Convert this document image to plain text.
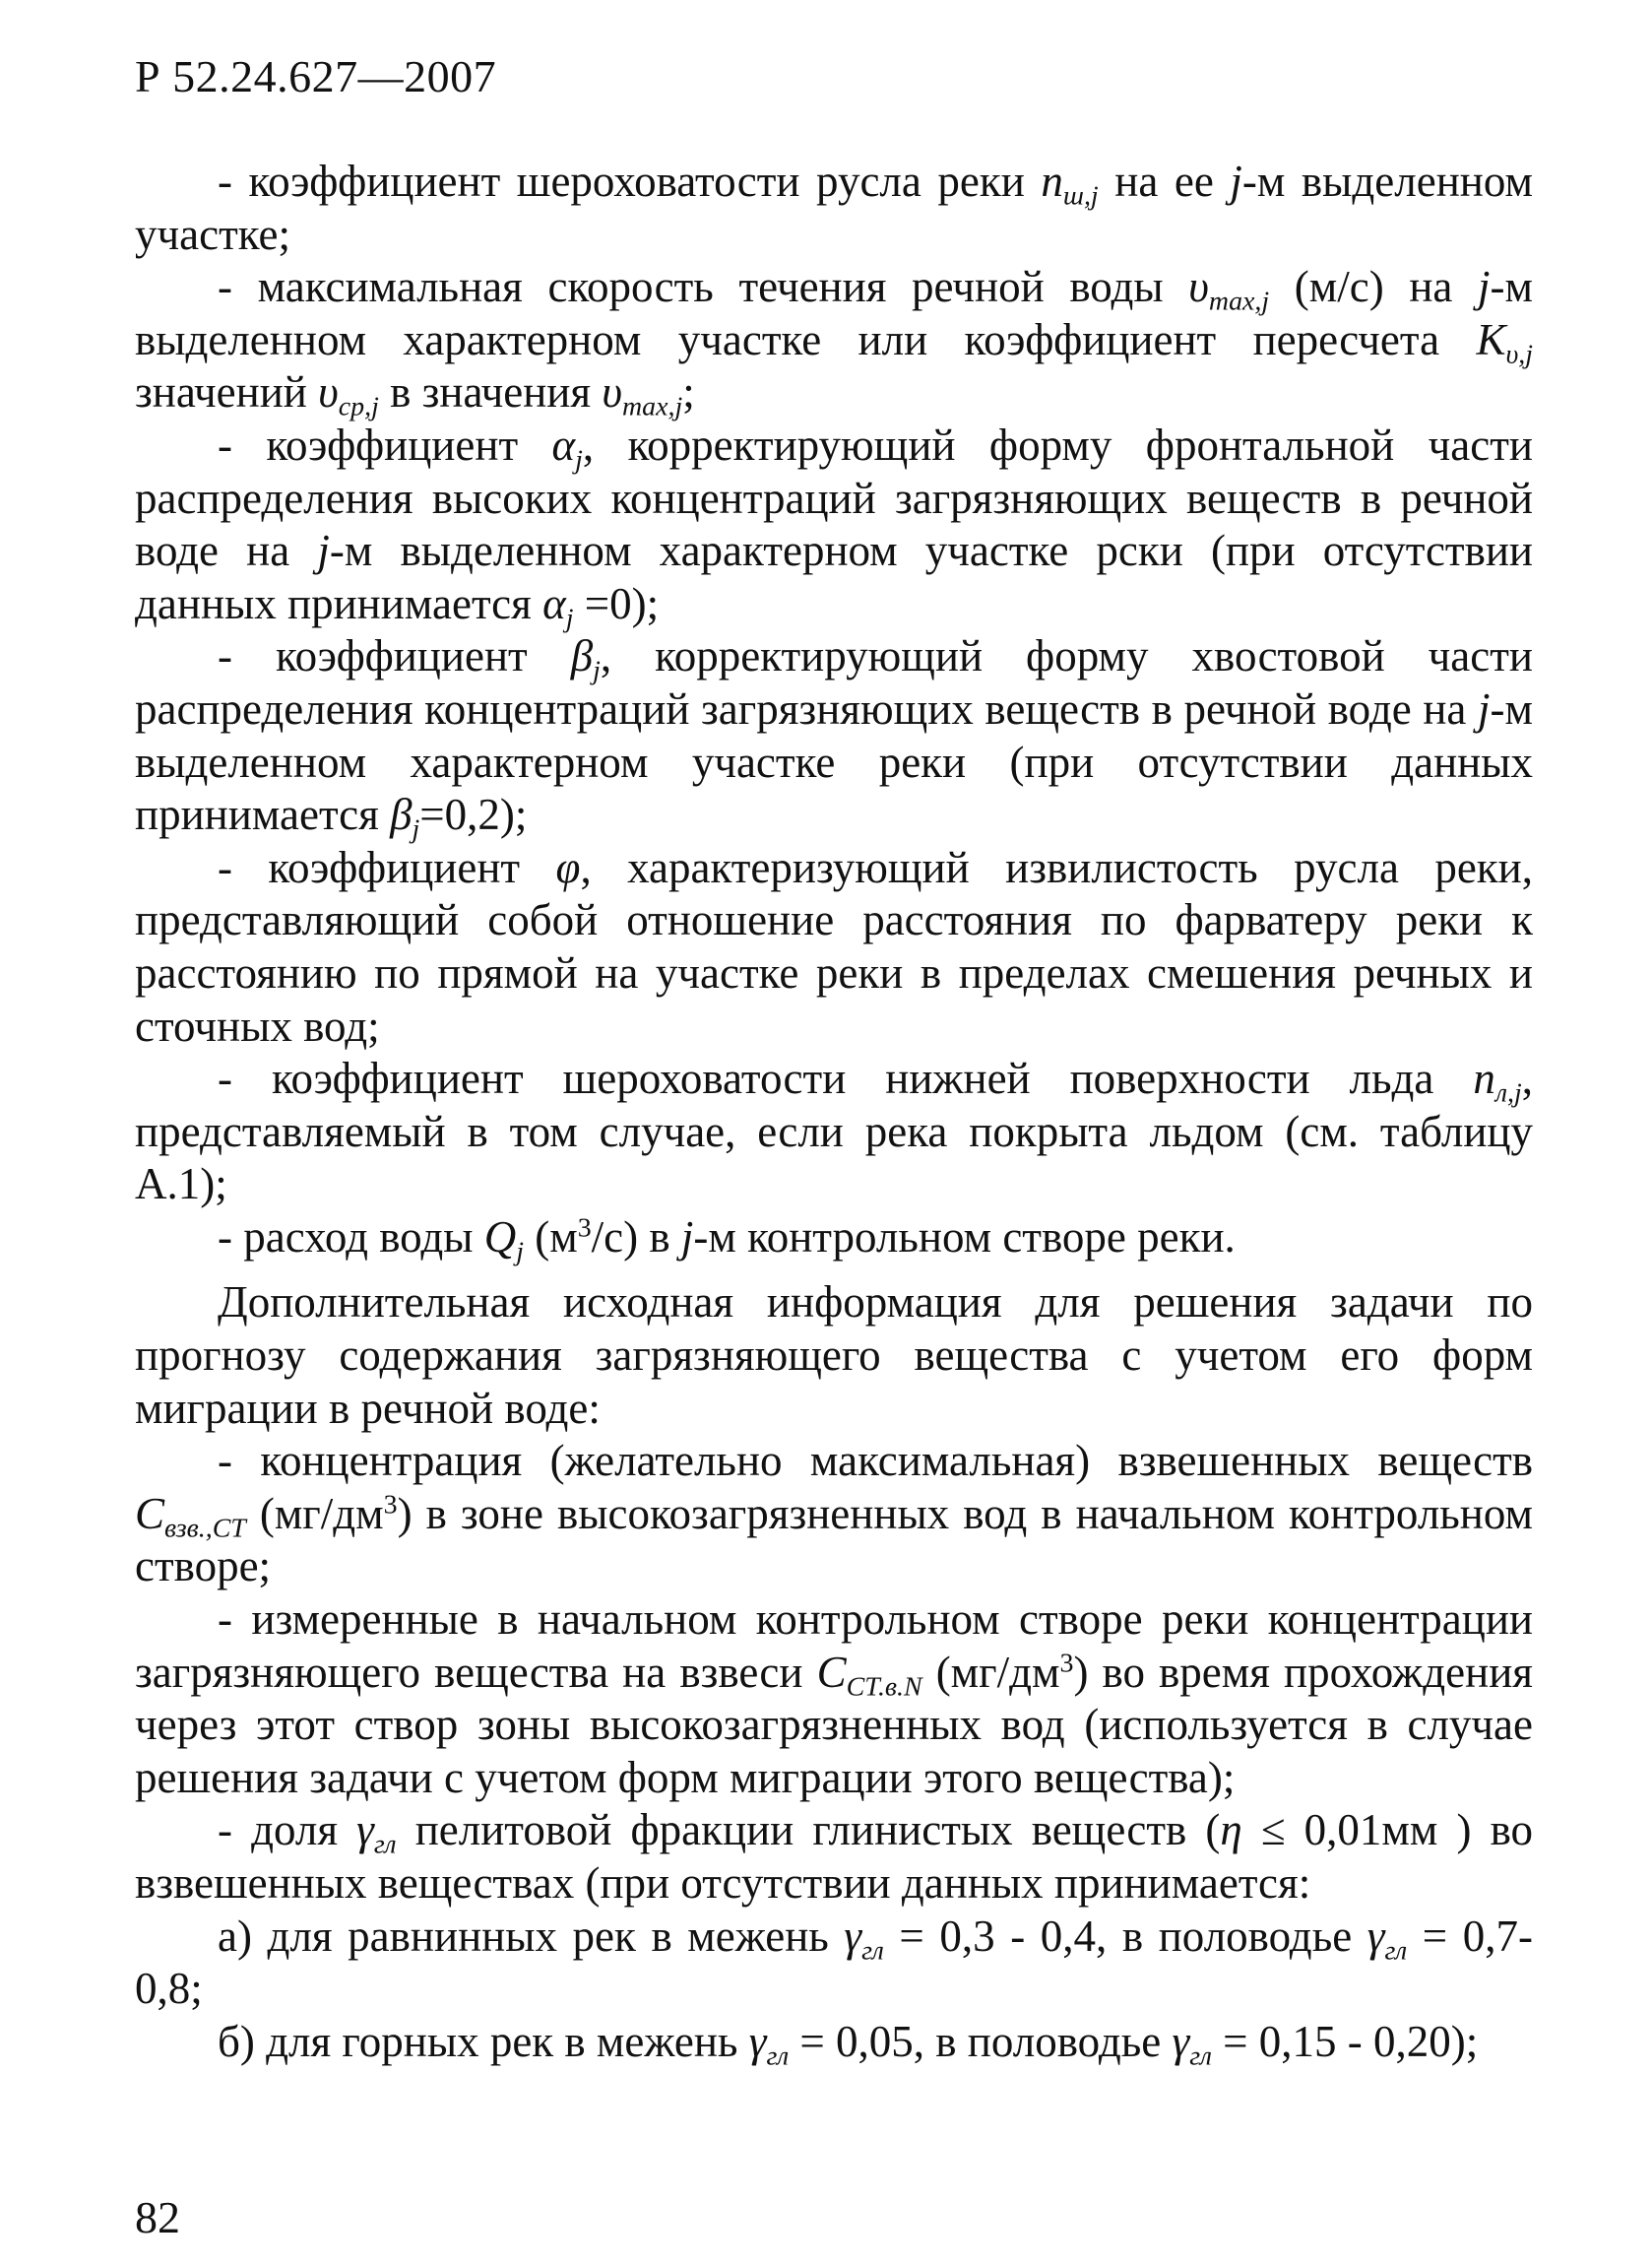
Р 52.24.627—2007

- коэффициент шероховатости русла реки $n_{ш,j}$ на ее j-м выделенном участке;

- максимальная скорость течения речной воды $\upsilon_{max,j}$ (м/с) на j-м выделенном характерном участке или коэффициент пересчета $K_{\upsilon,j}$ значений $\upsilon_{cp,j}$ в значения $\upsilon_{max,j}$;

- коэффициент $\alpha_j$, корректирующий форму фронтальной части распределения высоких концентраций загрязняющих веществ в речной воде на j-м выделенном характерном участке рски (при отсутствии данных принимается $\alpha_j =0$);

- коэффициент $\beta_j$, корректирующий форму хвостовой части распределения концентраций загрязняющих веществ в речной воде на j-м выделенном характерном участке реки (при отсутствии данных принимается $\beta_j=0,2$);

- коэффициент φ, характеризующий извилистость русла реки, представляющий собой отношение расстояния по фарватеру реки к расстоянию по прямой на участке реки в пределах смешения речных и сточных вод;

- коэффициент шероховатости нижней поверхности льда $n_{л,j}$, представляемый в том случае, если река покрыта льдом (см. таблицу А.1);

- расход воды $Q_j$ $(м^3/с)$ в j-м контрольном створе реки.

Дополнительная исходная информация для решения задачи по прогнозу содержания загрязняющего вещества с учетом его форм миграции в речной воде:

- концентрация (желательно максимальная) взвешенных веществ $C_{взв.,СТ}$ $(мг/дм^3)$ в зоне высокозагрязненных вод в начальном контрольном створе;

- измеренные в начальном контрольном створе реки концентрации загрязняющего вещества на взвеси $C_{СТ.в.N}$ $(мг/дм^3)$ во время прохождения через этот створ зоны высокозагрязненных вод (используется в случае решения задачи с учетом форм миграции этого вещества);

- доля $\gamma_{гл}$ пелитовой фракции глинистых веществ (η ≤ 0,01мм ) во взвешенных веществах (при отсутствии данных принимается:

а) для равнинных рек в межень $\gamma_{гл} = 0,3 - 0,4$, в половодье $\gamma_{гл} = 0,7-0,8$;

б) для горных рек в межень $\gamma_{гл} = 0,05$, в половодье $\gamma_{гл} = 0,15 - 0,20$);

82
